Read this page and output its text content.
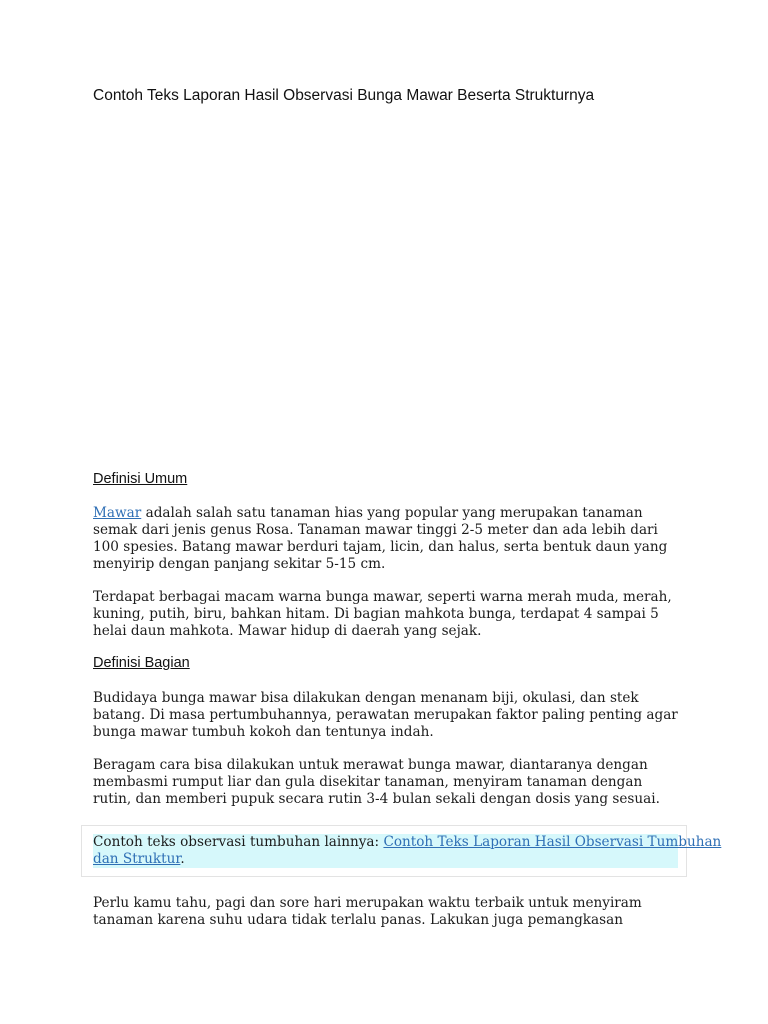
Contoh Teks Laporan Hasil Observasi Bunga Mawar Beserta Strukturnya
Definisi Umum
Mawar adalah salah satu tanaman hias yang popular yang merupakan tanaman
semak dari jenis genus Rosa. Tanaman mawar tinggi 2-5 meter dan ada lebih dari
100 spesies. Batang mawar berduri tajam, licin, dan halus, serta bentuk daun yang
menyirip dengan panjang sekitar 5-15 cm.
Terdapat berbagai macam warna bunga mawar, seperti warna merah muda, merah,
kuning, putih, biru, bahkan hitam. Di bagian mahkota bunga, terdapat 4 sampai 5
helai daun mahkota. Mawar hidup di daerah yang sejak.
Definisi Bagian
Budidaya bunga mawar bisa dilakukan dengan menanam biji, okulasi, dan stek
batang. Di masa pertumbuhannya, perawatan merupakan faktor paling penting agar
bunga mawar tumbuh kokoh dan tentunya indah.
Beragam cara bisa dilakukan untuk merawat bunga mawar, diantaranya dengan
membasmi rumput liar dan gula disekitar tanaman, menyiram tanaman dengan
rutin, dan memberi pupuk secara rutin 3-4 bulan sekali dengan dosis yang sesuai.
Contoh teks observasi tumbuhan lainnya: Contoh Teks Laporan Hasil Observasi Tumbuhan
dan Struktur.
Perlu kamu tahu, pagi dan sore hari merupakan waktu terbaik untuk menyiram
tanaman karena suhu udara tidak terlalu panas. Lakukan juga pemangkasan
